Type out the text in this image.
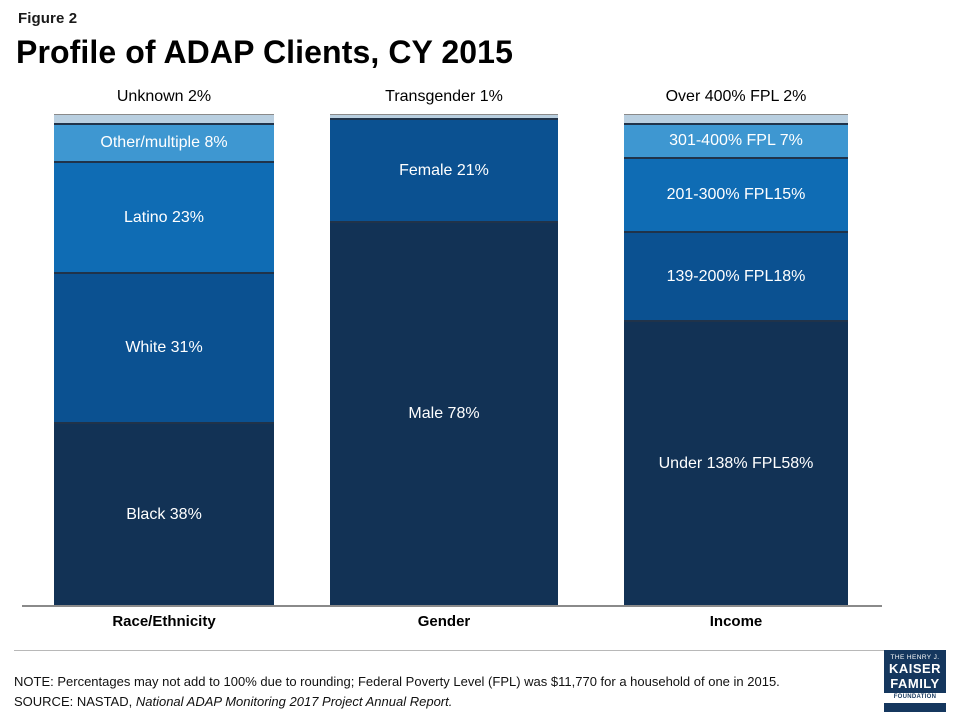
Figure 2
Profile of ADAP Clients, CY 2015
Unknown 2%
Other/multiple 8%
Latino 23%
White 31%
Black 38%
Transgender 1%
Female 21%
Male 78%
Over 400% FPL 2%
301-400% FPL 7%
201-300% FPL 15%
139-200% FPL 18%
Under 138% FPL 58%
Race/Ethnicity	Gender	Income
NOTE: Percentages may not add to 100% due to rounding; Federal Poverty Level (FPL) was $11,770 for a household of one in 2015.
SOURCE: NASTAD, National ADAP Monitoring 2017 Project Annual Report.
THE HENRY J.
KAISER
FAMILY
FOUNDATION
